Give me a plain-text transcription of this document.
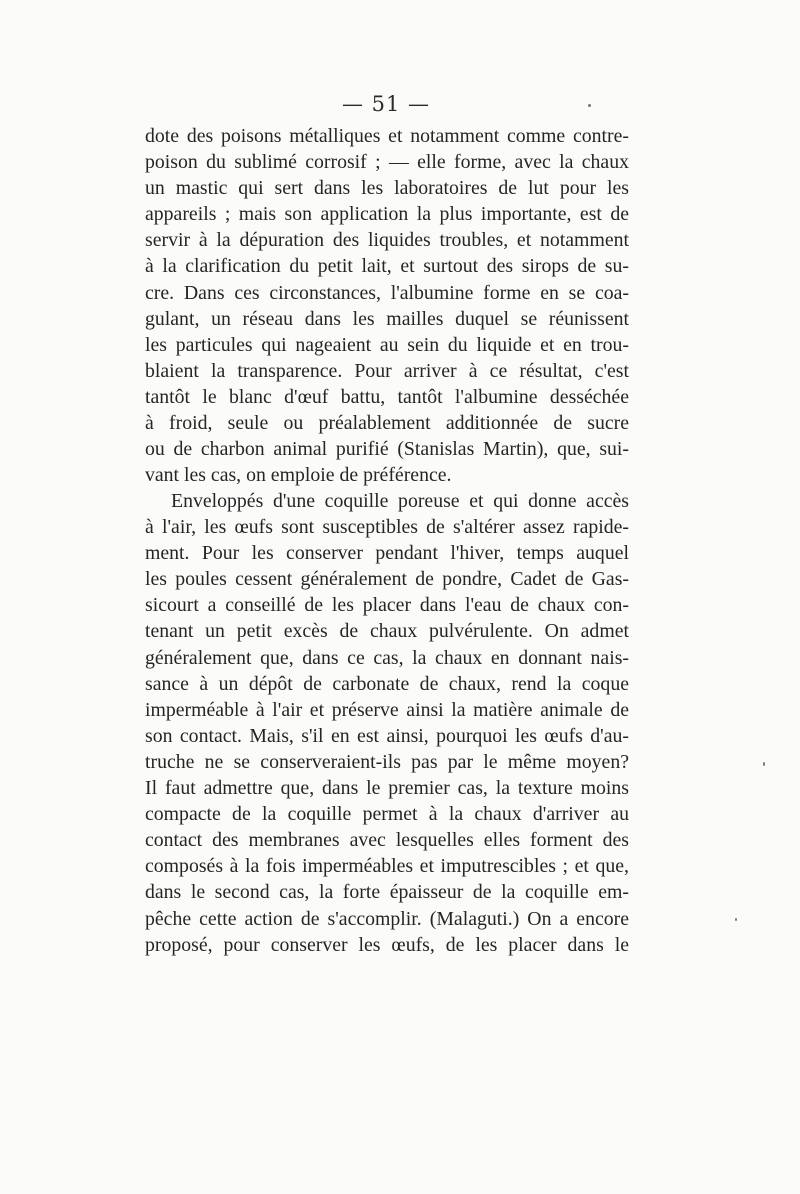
— 51 —
dote des poisons métalliques et notamment comme contre-
poison du sublimé corrosif ; — elle forme, avec la chaux
un mastic qui sert dans les laboratoires de lut pour les
appareils ; mais son application la plus importante, est de
servir à la dépuration des liquides troubles, et notamment
à la clarification du petit lait, et surtout des sirops de su-
cre. Dans ces circonstances, l'albumine forme en se coa-
gulant, un réseau dans les mailles duquel se réunissent
les particules qui nageaient au sein du liquide et en trou-
blaient la transparence. Pour arriver à ce résultat, c'est
tantôt le blanc d'œuf battu, tantôt l'albumine desséchée
à froid, seule ou préalablement additionnée de sucre
ou de charbon animal purifié (Stanislas Martin), que, sui-
vant les cas, on emploie de préférence.
Enveloppés d'une coquille poreuse et qui donne accès
à l'air, les œufs sont susceptibles de s'altérer assez rapide-
ment. Pour les conserver pendant l'hiver, temps auquel
les poules cessent généralement de pondre, Cadet de Gas-
sicourt a conseillé de les placer dans l'eau de chaux con-
tenant un petit excès de chaux pulvérulente. On admet
généralement que, dans ce cas, la chaux en donnant nais-
sance à un dépôt de carbonate de chaux, rend la coque
imperméable à l'air et préserve ainsi la matière animale de
son contact. Mais, s'il en est ainsi, pourquoi les œufs d'au-
truche ne se conserveraient-ils pas par le même moyen?
Il faut admettre que, dans le premier cas, la texture moins
compacte de la coquille permet à la chaux d'arriver au
contact des membranes avec lesquelles elles forment des
composés à la fois imperméables et imputrescibles ; et que,
dans le second cas, la forte épaisseur de la coquille em-
pêche cette action de s'accomplir. (Malaguti.) On a encore
proposé, pour conserver les œufs, de les placer dans le
